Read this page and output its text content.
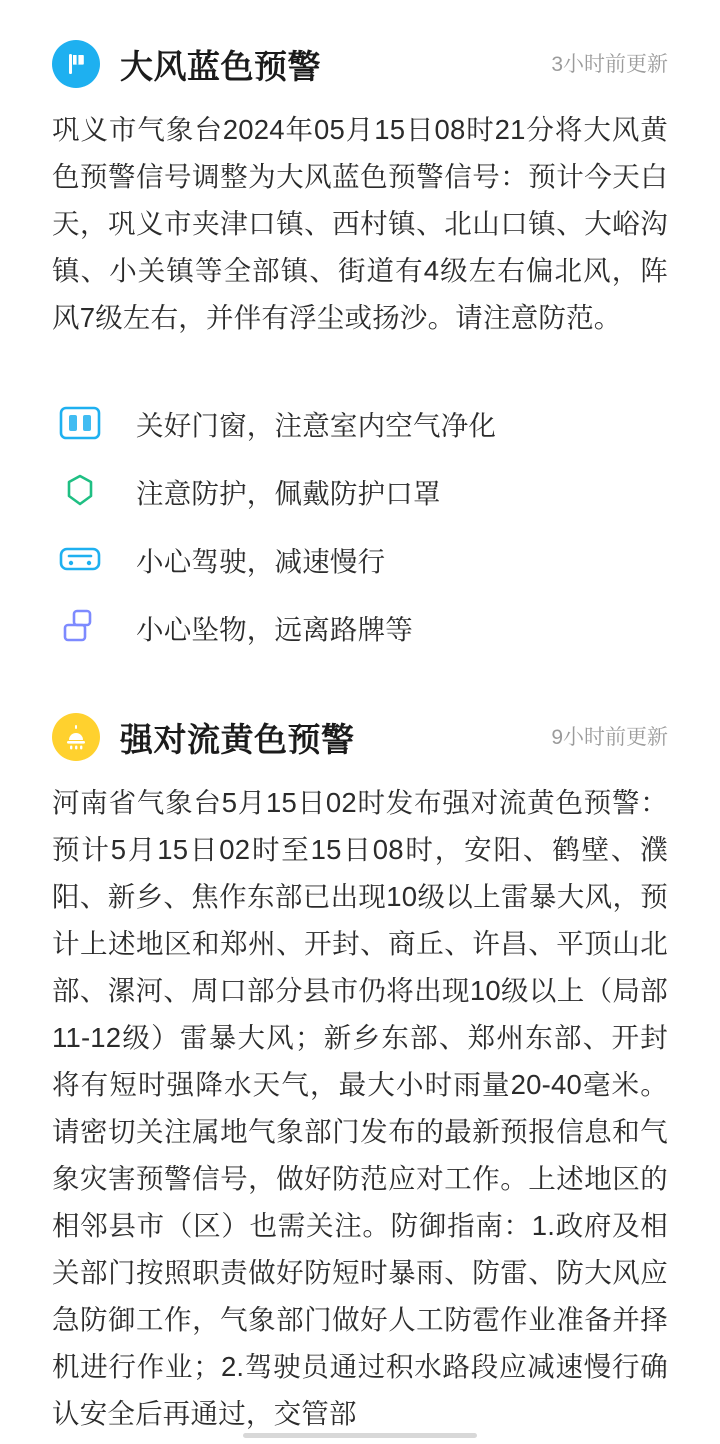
大风蓝色预警	3小时前更新
巩义市气象台2024年05月15日08时21分将大风黄色预警信号调整为大风蓝色预警信号：预计今天白天，巩义市夹津口镇、西村镇、北山口镇、大峪沟镇、小关镇等全部镇、街道有4级左右偏北风，阵风7级左右，并伴有浮尘或扬沙。请注意防范。
关好门窗，注意室内空气净化
注意防护，佩戴防护口罩
小心驾驶，减速慢行
小心坠物，远离路牌等
强对流黄色预警	9小时前更新
河南省气象台5月15日02时发布强对流黄色预警：预计5月15日02时至15日08时，安阳、鹤壁、濮阳、新乡、焦作东部已出现10级以上雷暴大风，预计上述地区和郑州、开封、商丘、许昌、平顶山北部、漯河、周口部分县市仍将出现10级以上（局部11-12级）雷暴大风；新乡东部、郑州东部、开封将有短时强降水天气，最大小时雨量20-40毫米。请密切关注属地气象部门发布的最新预报信息和气象灾害预警信号，做好防范应对工作。上述地区的相邻县市（区）也需关注。防御指南：1.政府及相关部门按照职责做好防短时暴雨、防雷、防大风应急防御工作，气象部门做好人工防雹作业准备并择机进行作业；2.驾驶员通过积水路段应减速慢行确认安全后再通过，交管部
